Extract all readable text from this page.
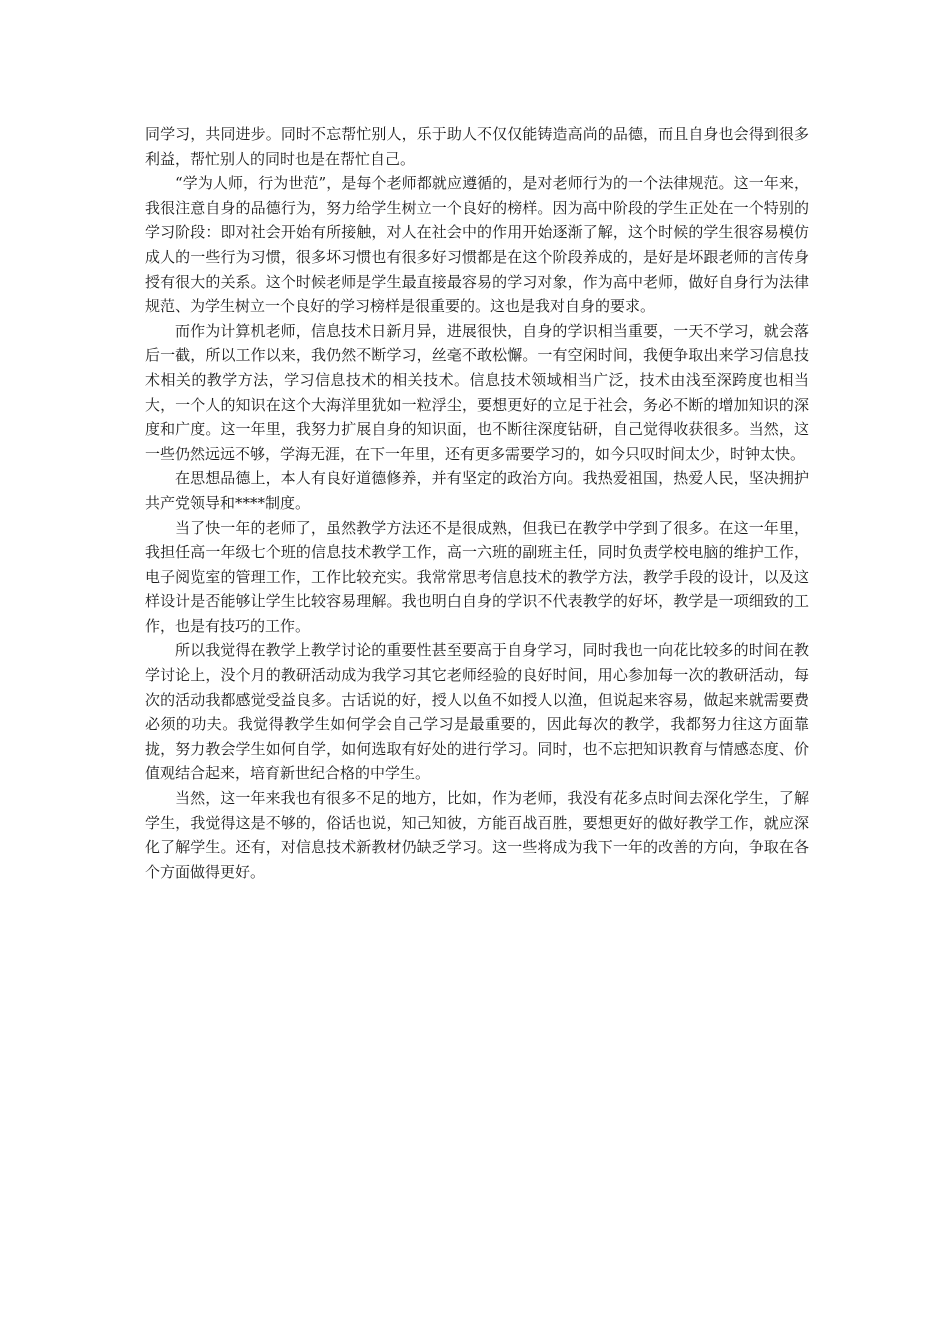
同学习，共同进步。同时不忘帮忙别人，乐于助人不仅仅能铸造高尚的品德，而且自身也会得到很多利益，帮忙别人的同时也是在帮忙自己。

“学为人师，行为世范”，是每个老师都就应遵循的，是对老师行为的一个法律规范。这一年来，我很注意自身的品德行为，努力给学生树立一个良好的榜样。因为高中阶段的学生正处在一个特别的学习阶段：即对社会开始有所接触，对人在社会中的作用开始逐渐了解，这个时候的学生很容易模仿成人的一些行为习惯，很多坏习惯也有很多好习惯都是在这个阶段养成的，是好是坏跟老师的言传身授有很大的关系。这个时候老师是学生最直接最容易的学习对象，作为高中老师，做好自身行为法律规范、为学生树立一个良好的学习榜样是很重要的。这也是我对自身的要求。

而作为计算机老师，信息技术日新月异，进展很快，自身的学识相当重要，一天不学习，就会落后一截，所以工作以来，我仍然不断学习，丝毫不敢松懈。一有空闲时间，我便争取出来学习信息技术相关的教学方法，学习信息技术的相关技术。信息技术领域相当广泛，技术由浅至深跨度也相当大，一个人的知识在这个大海洋里犹如一粒浮尘，要想更好的立足于社会，务必不断的增加知识的深度和广度。这一年里，我努力扩展自身的知识面，也不断往深度钻研，自己觉得收获很多。当然，这一些仍然远远不够，学海无涯，在下一年里，还有更多需要学习的，如今只叹时间太少，时钟太快。

在思想品德上，本人有良好道德修养，并有坚定的政治方向。我热爱祖国，热爱人民，坚决拥护共产党领导和****制度。

当了快一年的老师了，虽然教学方法还不是很成熟，但我已在教学中学到了很多。在这一年里，我担任高一年级七个班的信息技术教学工作，高一六班的副班主任，同时负责学校电脑的维护工作，电子阅览室的管理工作，工作比较充实。我常常思考信息技术的教学方法，教学手段的设计，以及这样设计是否能够让学生比较容易理解。我也明白自身的学识不代表教学的好坏，教学是一项细致的工作，也是有技巧的工作。

所以我觉得在教学上教学讨论的重要性甚至要高于自身学习，同时我也一向花比较多的时间在教学讨论上，没个月的教研活动成为我学习其它老师经验的良好时间，用心参加每一次的教研活动，每次的活动我都感觉受益良多。古话说的好，授人以鱼不如授人以渔，但说起来容易，做起来就需要费必须的功夫。我觉得教学生如何学会自己学习是最重要的，因此每次的教学，我都努力往这方面靠拢，努力教会学生如何自学，如何选取有好处的进行学习。同时，也不忘把知识教育与情感态度、价值观结合起来，培育新世纪合格的中学生。

当然，这一年来我也有很多不足的地方，比如，作为老师，我没有花多点时间去深化学生，了解学生，我觉得这是不够的，俗话也说，知己知彼，方能百战百胜，要想更好的做好教学工作，就应深化了解学生。还有，对信息技术新教材仍缺乏学习。这一些将成为我下一年的改善的方向，争取在各个方面做得更好。
